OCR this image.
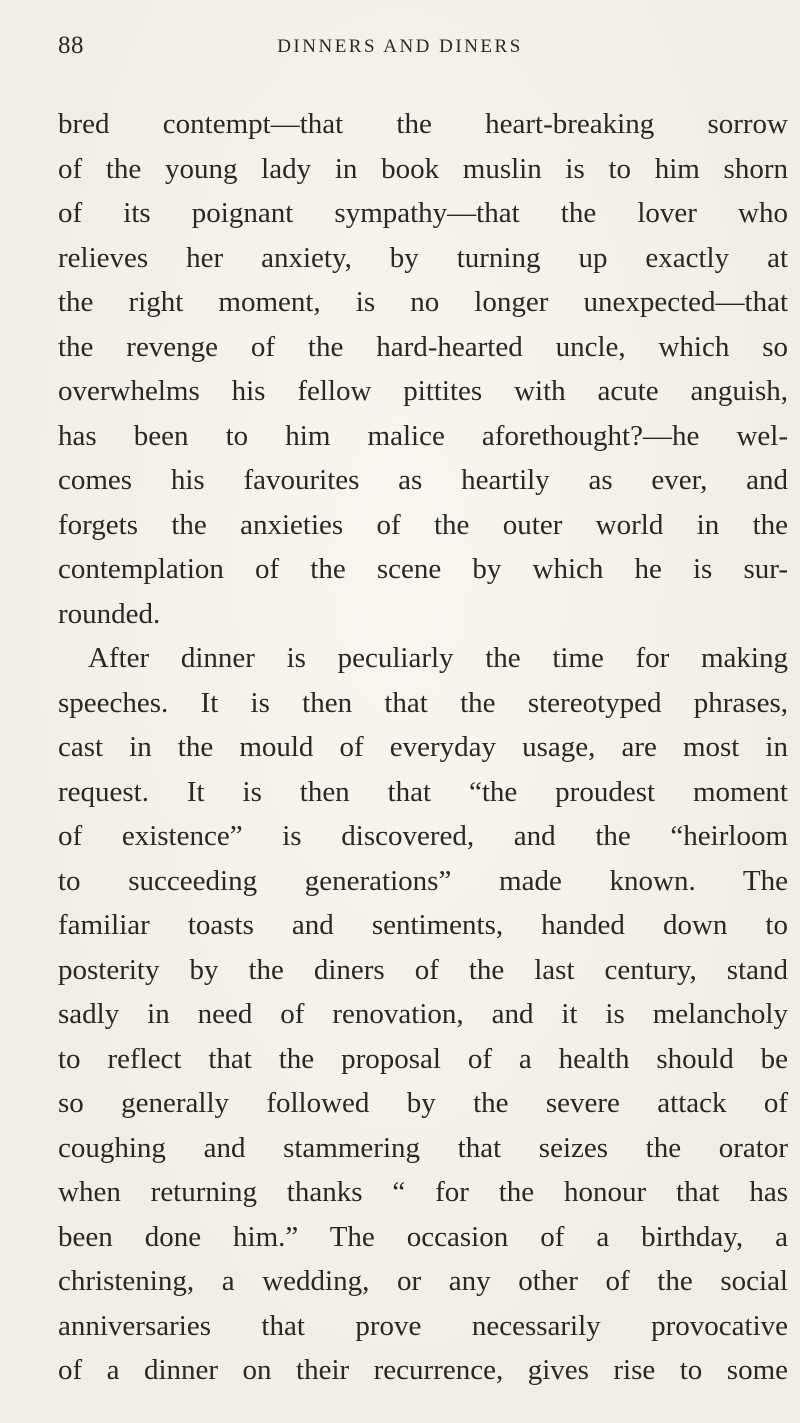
88	DINNERS AND DINERS
bred contempt—that the heart-breaking sorrow
of the young lady in book muslin is to him shorn
of its poignant sympathy—that the lover who
relieves her anxiety, by turning up exactly at
the right moment, is no longer unexpected—that
the revenge of the hard-hearted uncle, which so
overwhelms his fellow pittites with acute anguish,
has been to him malice aforethought?—he wel-
comes his favourites as heartily as ever, and
forgets the anxieties of the outer world in the
contemplation of the scene by which he is sur-
rounded.
After dinner is peculiarly the time for making
speeches. It is then that the stereotyped phrases,
cast in the mould of everyday usage, are most in
request. It is then that “the proudest moment
of existence” is discovered, and the “heirloom
to succeeding generations” made known. The
familiar toasts and sentiments, handed down to
posterity by the diners of the last century, stand
sadly in need of renovation, and it is melancholy
to reflect that the proposal of a health should be
so generally followed by the severe attack of
coughing and stammering that seizes the orator
when returning thanks “ for the honour that has
been done him.” The occasion of a birthday, a
christening, a wedding, or any other of the social
anniversaries that prove necessarily provocative
of a dinner on their recurrence, gives rise to some
